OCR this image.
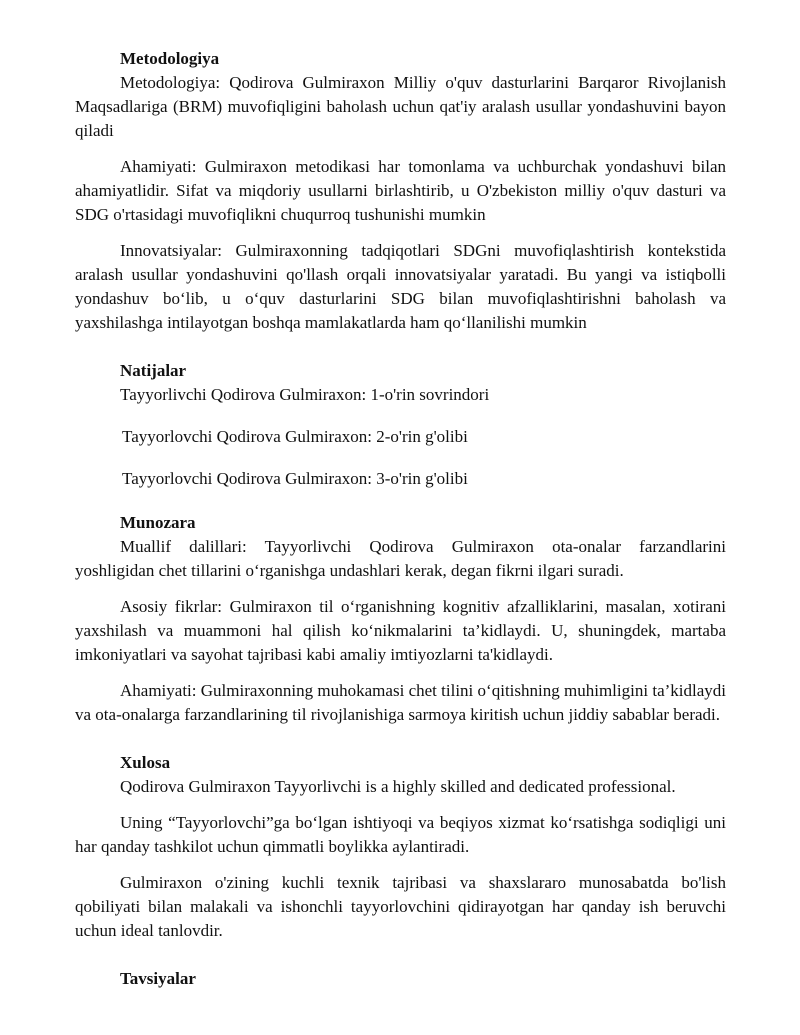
Metodologiya

Metodologiya: Qodirova Gulmiraxon Milliy o'quv dasturlarini Barqaror Rivojlanish Maqsadlariga (BRM) muvofiqligini baholash uchun qat'iy aralash usullar yondashuvini bayon qiladi

Ahamiyati: Gulmiraxon metodikasi har tomonlama va uchburchak yondashuvi bilan ahamiyatlidir. Sifat va miqdoriy usullarni birlashtirib, u O'zbekiston milliy o'quv dasturi va SDG o'rtasidagi muvofiqlikni chuqurroq tushunishi mumkin

Innovatsiyalar: Gulmiraxonning tadqiqotlari SDGni muvofiqlashtirish kontekstida aralash usullar yondashuvini qo'llash orqali innovatsiyalar yaratadi. Bu yangi va istiqbolli yondashuv bo‘lib, u o‘quv dasturlarini SDG bilan muvofiqlashtirishni baholash va yaxshilashga intilayotgan boshqa mamlakatlarda ham qo‘llanilishi mumkin

Natijalar
Tayyorlivchi Qodirova Gulmiraxon: 1-o'rin sovrindori
Tayyorlovchi Qodirova Gulmiraxon: 2-o'rin g'olibi
Tayyorlovchi Qodirova Gulmiraxon: 3-o'rin g'olibi
Munozara

Muallif dalillari: Tayyorlivchi Qodirova Gulmiraxon ota-onalar farzandlarini yoshligidan chet tillarini o‘rganishga undashlari kerak, degan fikrni ilgari suradi.

Asosiy fikrlar: Gulmiraxon til o‘rganishning kognitiv afzalliklarini, masalan, xotirani yaxshilash va muammoni hal qilish ko‘nikmalarini ta’kidlaydi. U, shuningdek, martaba imkoniyatlari va sayohat tajribasi kabi amaliy imtiyozlarni ta'kidlaydi.

Ahamiyati: Gulmiraxonning muhokamasi chet tilini o‘qitishning muhimligini ta’kidlaydi va ota-onalarga farzandlarining til rivojlanishiga sarmoya kiritish uchun jiddiy sabablar beradi.

Xulosa

Qodirova Gulmiraxon Tayyorlivchi is a highly skilled and dedicated professional.

Uning “Tayyorlovchi”ga bo‘lgan ishtiyoqi va beqiyos xizmat ko‘rsatishga sodiqligi uni har qanday tashkilot uchun qimmatli boylikka aylantiradi.

Gulmiraxon o'zining kuchli texnik tajribasi va shaxslararo munosabatda bo'lish qobiliyati bilan malakali va ishonchli tayyorlovchini qidirayotgan har qanday ish beruvchi uchun ideal tanlovdir.

Tavsiyalar
